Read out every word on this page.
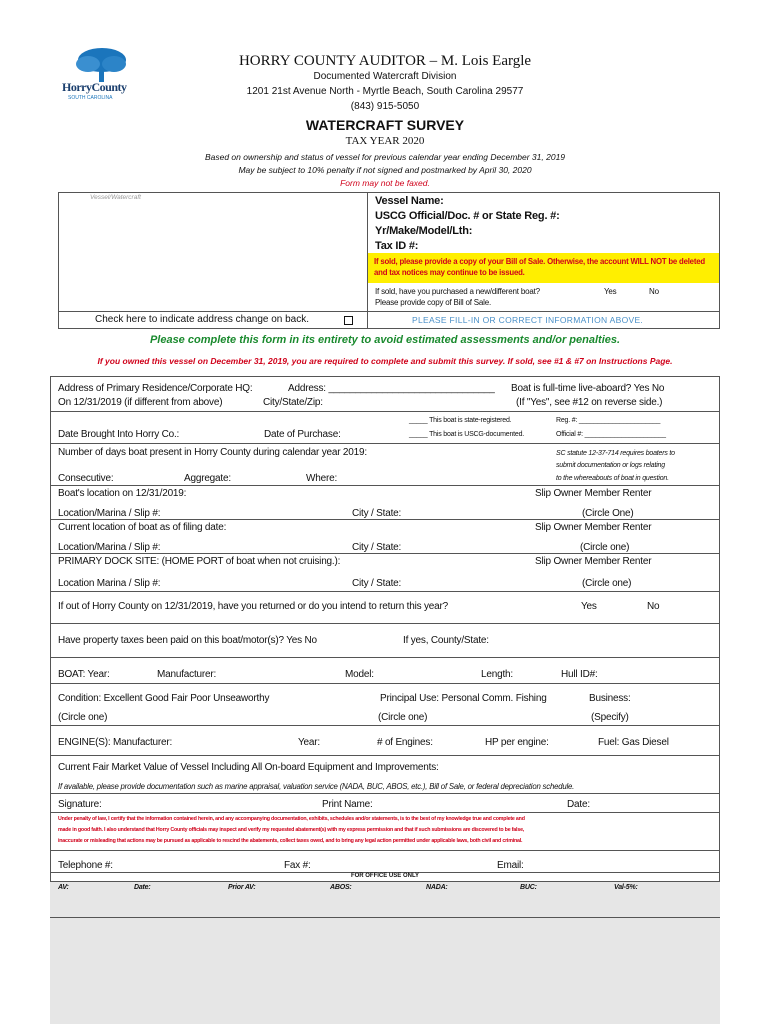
HorryCounty
SOUTH CAROLINA
HORRY COUNTY AUDITOR – M. Lois Eargle
Documented Watercraft Division
1201 21st Avenue North - Myrtle Beach, South Carolina 29577
(843) 915-5050
WATERCRAFT SURVEY
TAX YEAR 2020
Based on ownership and status of vessel for previous calendar year ending December 31, 2019
May be subject to 10% penalty if not signed and postmarked by April 30, 2020
Form may not be faxed.
Vessel/Watercraft	Vessel Name:
USCG Official/Doc. # or State Reg. #:
Yr/Make/Model/Lth:
Tax ID #:
If sold, please provide a copy of your Bill of Sale. Otherwise, the account WILL NOT be deleted and tax notices may continue to be issued.
If sold, have you purchased a new/different boat?	Yes	No
Please provide copy of Bill of Sale.
Check here to indicate address change on back.	PLEASE FILL-IN OR CORRECT INFORMATION ABOVE.
Please complete this form in its entirety to avoid estimated assessments and/or penalties.
If you owned this vessel on December 31, 2019, you are required to complete and submit this survey. If sold, see #1 & #7 on Instructions Page.
Address of Primary Residence/Corporate HQ:
On 12/31/2019 (if different from above)
Address: _______________________________
City/State/Zip:
Boat is full-time live-aboard? Yes No
(If "Yes", see #12 on reverse side.)
_____ This boat is state-registered.	Reg. #: ______________________
_____ This boat is USCG-documented.	Official #: ______________________
Date Brought Into Horry Co.:	Date of Purchase:
Number of days boat present in Horry County during calendar year 2019:	SC statute 12-37-714 requires boaters to
submit documentation or logs relating
to the whereabouts of boat in question.
Consecutive:	Aggregate:	Where:
Boat's location on 12/31/2019:	Slip Owner Member Renter
Location/Marina / Slip #:	City / State:	(Circle One)
Current location of boat as of filing date:	Slip Owner Member Renter
Location/Marina / Slip #:	City / State:	(Circle one)
PRIMARY DOCK SITE: (HOME PORT of boat when not cruising.):	Slip Owner Member Renter
Location Marina / Slip #:	City / State:	(Circle one)
If out of Horry County on 12/31/2019, have you returned or do you intend to return this year?	Yes	No
Have property taxes been paid on this boat/motor(s)? Yes No	If yes, County/State:
BOAT: Year:	Manufacturer:	Model:	Length:	Hull ID#:
Condition: Excellent Good Fair Poor Unseaworthy
(Circle one)
Principal Use: Personal Comm. Fishing
(Circle one)
Business:
(Specify)
ENGINE(S): Manufacturer:	Year:	# of Engines:	HP per engine:	Fuel: Gas Diesel
Current Fair Market Value of Vessel Including All On-board Equipment and Improvements:
If available, please provide documentation such as marine appraisal, valuation service (NADA, BUC, ABOS, etc.), Bill of Sale, or federal depreciation schedule.
Signature:	Print Name:	Date:
Under penalty of law, I certify that the information contained herein, and any accompanying documentation, exhibits, schedules and/or statements, is to the best of my knowledge true and complete and
made in good faith. I also understand that Horry County officials may inspect and verify my requested abatement(s) with my express permission and that if such submissions are discovered to be false,
inaccurate or misleading that actions may be pursued as applicable to rescind the abatements, collect taxes owed, and to bring any legal action permitted under applicable laws, both civil and criminal.
Telephone #:	Fax #:	Email:
FOR OFFICE USE ONLY
AV:	Date:	Prior AV:	ABOS:	NADA:	BUC:	Val-5%:
